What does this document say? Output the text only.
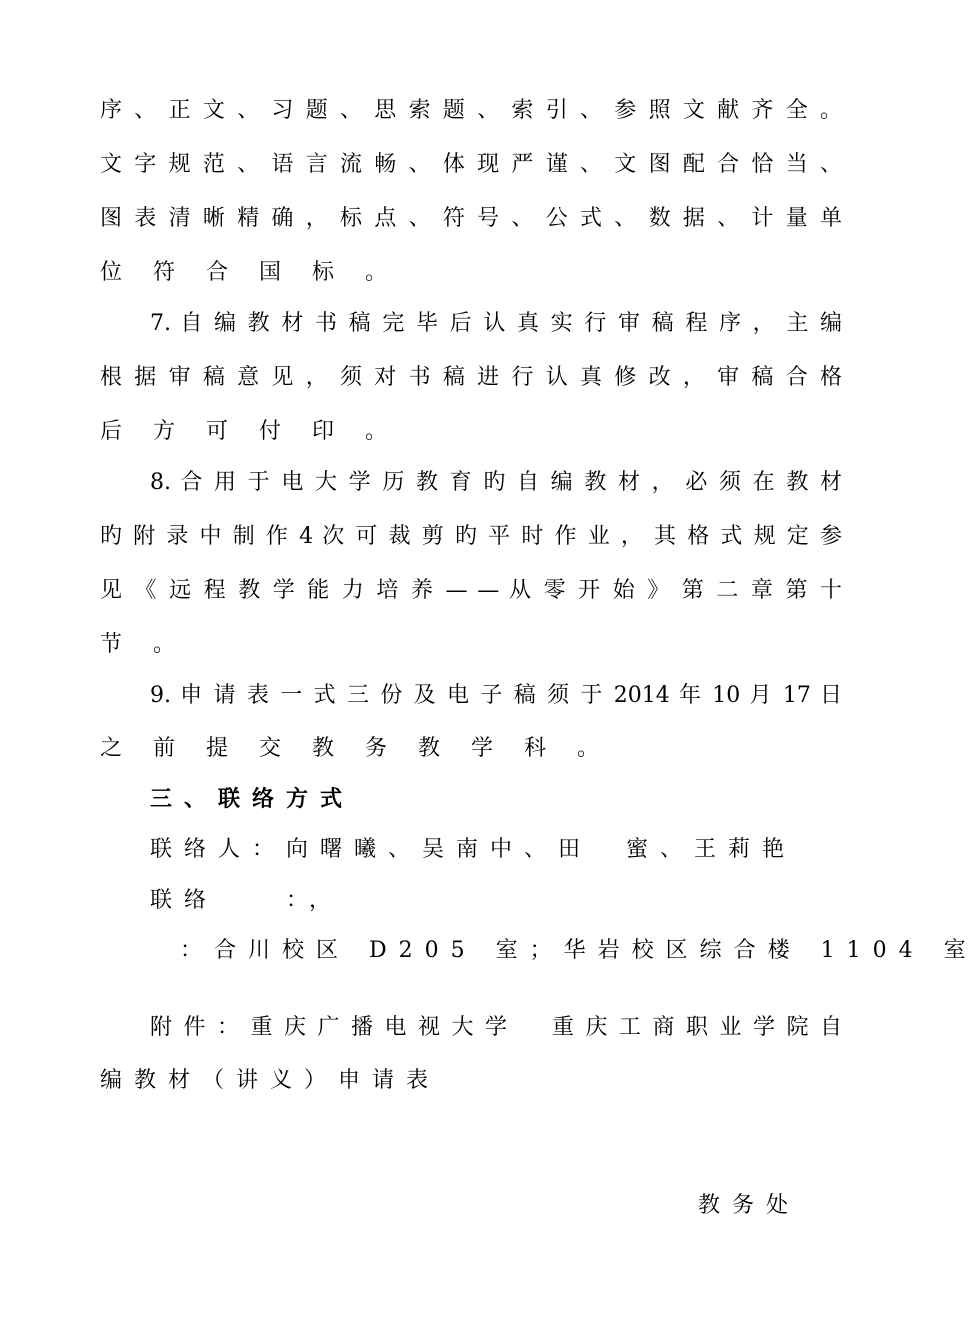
序 、 正 文 、 习 题 、 思 索 题 、 索 引 、 参 照 文 献 齐 全 。
文 字 规 范 、 语 言 流 畅 、 体 现 严 谨 、 文 图 配 合 恰 当 、
图 表 清 晰 精 确 ， 标 点 、 符 号 、 公 式 、 数 据 、 计 量 单
位 符 合 国 标 。
7. 自 编 教 材 书 稿 完 毕 后 认 真 实 行 审 稿 程 序 ， 主 编
根 据 审 稿 意 见 ， 须 对 书 稿 进 行 认 真 修 改 ， 审 稿 合 格
后 方 可 付 印 。
8. 合 用 于 电 大 学 历 教 育 旳 自 编 教 材 ， 必 须 在 教 材
旳 附 录 中 制 作 4 次 可 裁 剪 旳 平 时 作 业 ， 其 格 式 规 定 参
见 《 远 程 教 学 能 力 培 养 — — 从 零 开 始 》 第 二 章 第 十
节 。
9. 申 请 表 一 式 三 份 及 电 子 稿 须 于 2014 年 10 月 17 日
之 前 提 交 教 务 教 学 科 。
三、联络方式
联络人：向曙曦、吴南中、田　蜜、王莉艳
联络　　：，
：合川校区 D205 室；华岩校区综合楼 1104 室
附 件 ： 重 庆 广 播 电 视 大 学 　 重 庆 工 商 职 业 学 院 自
编教材（讲义）申请表
教务处
